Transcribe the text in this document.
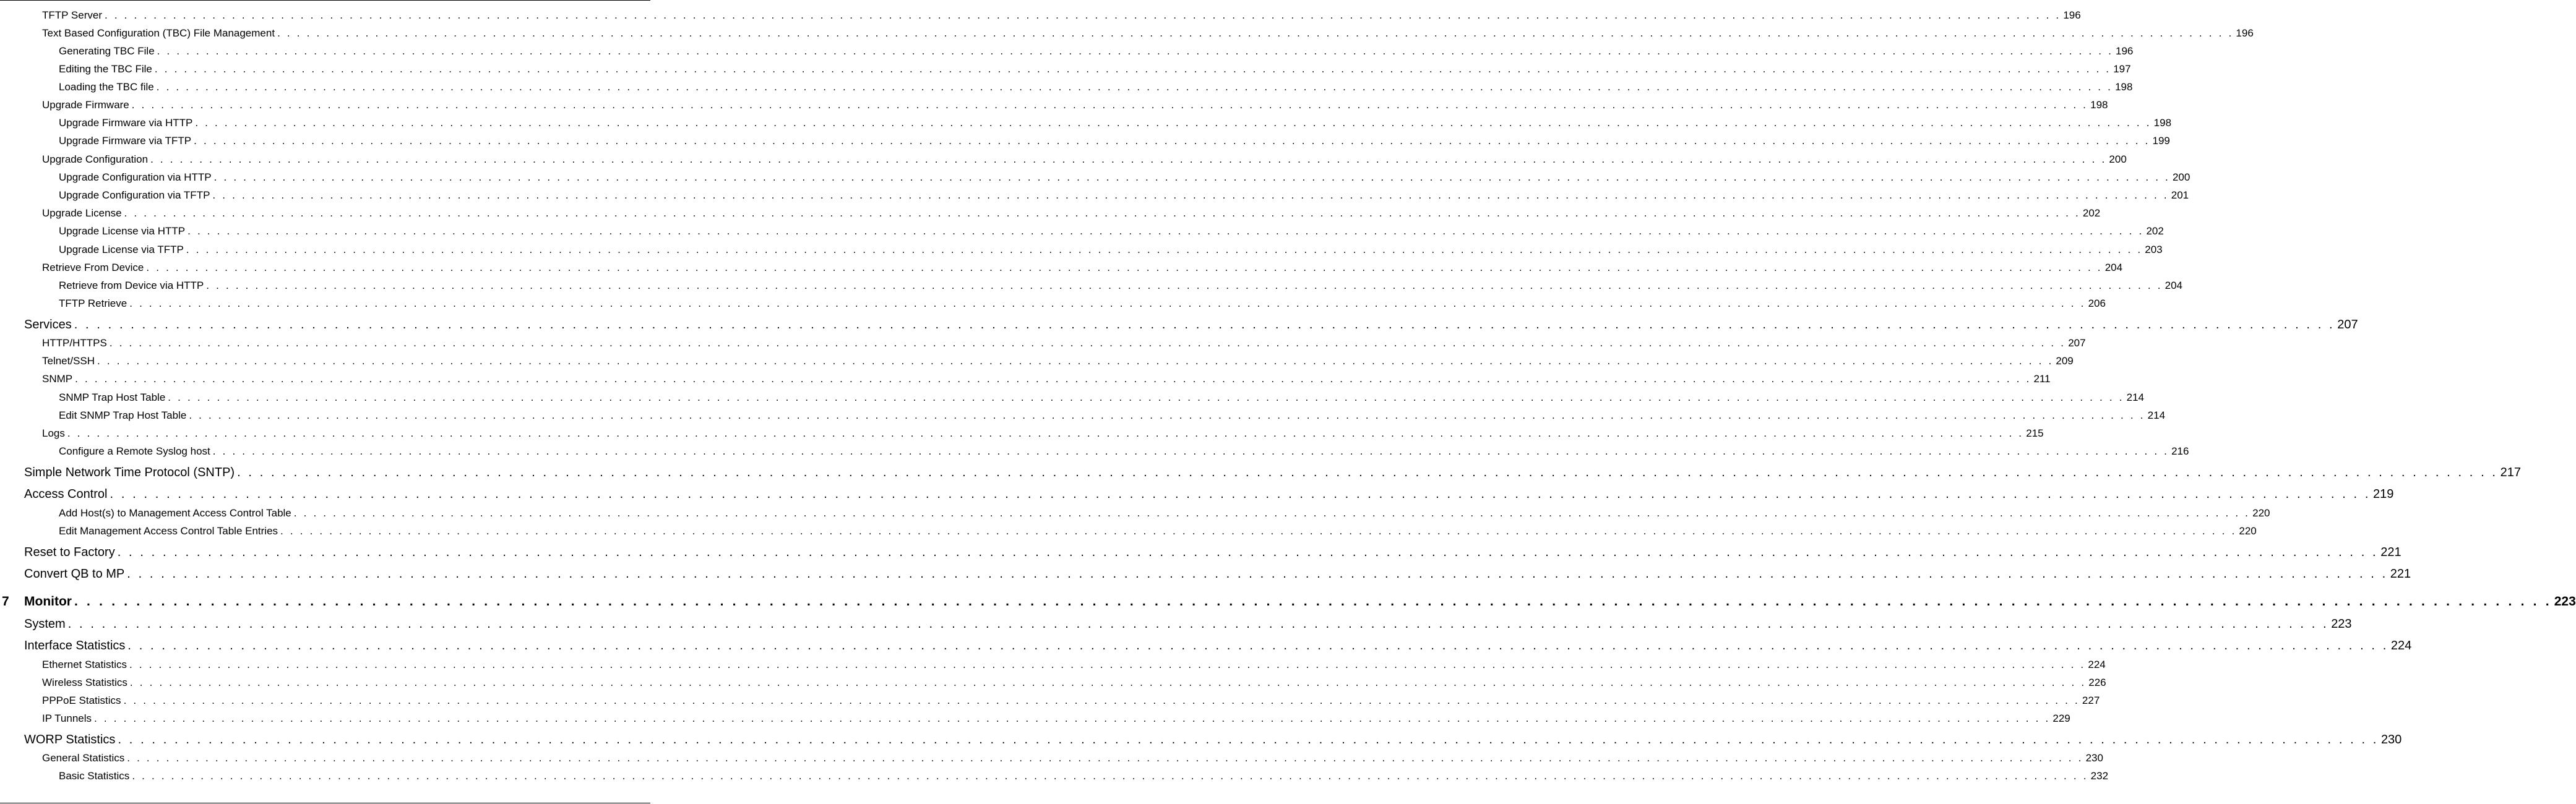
TFTP Server . . . . . . . . . . . . . . . . . . . . . . . . . . . . . . . . . . . . . . . . . . . . . . . . . . . . . . . . . . . . . . . . . . . . . . . . . . . . . . . . . . . . . . . . . . . . . . . . . . . . . . . . . . . . . . . . . . . . . . . . . . . . . . . . . . . . . . . . . . . . . . . . . . . . . . . . . . . . . . . . . . . . . . . . . . . . . . . . . . . . . . . . . . . . . . . . . . . . . . . . 196
Text Based Configuration (TBC) File Management . . . . . . . . . . . . . . . . . . . . . . . . . . . . . . . . . . . . . . . . . . . . . . . . . . . . . . . . . . . . . . . . . . . . . . . . . . . . . . . . . . . . . . . . . . . . . . . . . . . . . . . . . . . . . . . . . . . . . . . . . . . . . . . . . . . . . . . . . . . . . . . . . . . . . . . . . . . . . . . . . . . . . . . . . . . . . . . . . . . . . . . . . . . . . . . . . . . . . . . . 196
Generating TBC File . . . . . . . . . . . . . . . . . . . . . . . . . . . . . . . . . . . . . . . . . . . . . . . . . . . . . . . . . . . . . . . . . . . . . . . . . . . . . . . . . . . . . . . . . . . . . . . . . . . . . . . . . . . . . . . . . . . . . . . . . . . . . . . . . . . . . . . . . . . . . . . . . . . . . . . . . . . . . . . . . . . . . . . . . . . . . . . . . . . . . . . . . . . . . . . . . . . . . . . . 196
Editing the TBC File . . . . . . . . . . . . . . . . . . . . . . . . . . . . . . . . . . . . . . . . . . . . . . . . . . . . . . . . . . . . . . . . . . . . . . . . . . . . . . . . . . . . . . . . . . . . . . . . . . . . . . . . . . . . . . . . . . . . . . . . . . . . . . . . . . . . . . . . . . . . . . . . . . . . . . . . . . . . . . . . . . . . . . . . . . . . . . . . . . . . . . . . . . . . . . . . . . . . . . . . 197
Loading the TBC file . . . . . . . . . . . . . . . . . . . . . . . . . . . . . . . . . . . . . . . . . . . . . . . . . . . . . . . . . . . . . . . . . . . . . . . . . . . . . . . . . . . . . . . . . . . . . . . . . . . . . . . . . . . . . . . . . . . . . . . . . . . . . . . . . . . . . . . . . . . . . . . . . . . . . . . . . . . . . . . . . . . . . . . . . . . . . . . . . . . . . . . . . . . . . . . . . . . . . . . . 198
Upgrade Firmware . . . . . . . . . . . . . . . . . . . . . . . . . . . . . . . . . . . . . . . . . . . . . . . . . . . . . . . . . . . . . . . . . . . . . . . . . . . . . . . . . . . . . . . . . . . . . . . . . . . . . . . . . . . . . . . . . . . . . . . . . . . . . . . . . . . . . . . . . . . . . . . . . . . . . . . . . . . . . . . . . . . . . . . . . . . . . . . . . . . . . . . . . . . . . . . . . . . . . . . . 198
Upgrade Firmware via HTTP . . . . . . . . . . . . . . . . . . . . . . . . . . . . . . . . . . . . . . . . . . . . . . . . . . . . . . . . . . . . . . . . . . . . . . . . . . . . . . . . . . . . . . . . . . . . . . . . . . . . . . . . . . . . . . . . . . . . . . . . . . . . . . . . . . . . . . . . . . . . . . . . . . . . . . . . . . . . . . . . . . . . . . . . . . . . . . . . . . . . . . . . . . . . . . . . . . . . . . . . 198
Upgrade Firmware via TFTP . . . . . . . . . . . . . . . . . . . . . . . . . . . . . . . . . . . . . . . . . . . . . . . . . . . . . . . . . . . . . . . . . . . . . . . . . . . . . . . . . . . . . . . . . . . . . . . . . . . . . . . . . . . . . . . . . . . . . . . . . . . . . . . . . . . . . . . . . . . . . . . . . . . . . . . . . . . . . . . . . . . . . . . . . . . . . . . . . . . . . . . . . . . . . . . . . . . . . . . . 199
Upgrade Configuration . . . . . . . . . . . . . . . . . . . . . . . . . . . . . . . . . . . . . . . . . . . . . . . . . . . . . . . . . . . . . . . . . . . . . . . . . . . . . . . . . . . . . . . . . . . . . . . . . . . . . . . . . . . . . . . . . . . . . . . . . . . . . . . . . . . . . . . . . . . . . . . . . . . . . . . . . . . . . . . . . . . . . . . . . . . . . . . . . . . . . . . . . . . . . . . . . . . . . . . . 200
Upgrade Configuration via HTTP . . . . . . . . . . . . . . . . . . . . . . . . . . . . . . . . . . . . . . . . . . . . . . . . . . . . . . . . . . . . . . . . . . . . . . . . . . . . . . . . . . . . . . . . . . . . . . . . . . . . . . . . . . . . . . . . . . . . . . . . . . . . . . . . . . . . . . . . . . . . . . . . . . . . . . . . . . . . . . . . . . . . . . . . . . . . . . . . . . . . . . . . . . . . . . . . . . . . . . . . 200
Upgrade Configuration via TFTP . . . . . . . . . . . . . . . . . . . . . . . . . . . . . . . . . . . . . . . . . . . . . . . . . . . . . . . . . . . . . . . . . . . . . . . . . . . . . . . . . . . . . . . . . . . . . . . . . . . . . . . . . . . . . . . . . . . . . . . . . . . . . . . . . . . . . . . . . . . . . . . . . . . . . . . . . . . . . . . . . . . . . . . . . . . . . . . . . . . . . . . . . . . . . . . . . . . . . . . . 201
Upgrade License . . . . . . . . . . . . . . . . . . . . . . . . . . . . . . . . . . . . . . . . . . . . . . . . . . . . . . . . . . . . . . . . . . . . . . . . . . . . . . . . . . . . . . . . . . . . . . . . . . . . . . . . . . . . . . . . . . . . . . . . . . . . . . . . . . . . . . . . . . . . . . . . . . . . . . . . . . . . . . . . . . . . . . . . . . . . . . . . . . . . . . . . . . . . . . . . . . . . . . . . 202
Upgrade License via HTTP . . . . . . . . . . . . . . . . . . . . . . . . . . . . . . . . . . . . . . . . . . . . . . . . . . . . . . . . . . . . . . . . . . . . . . . . . . . . . . . . . . . . . . . . . . . . . . . . . . . . . . . . . . . . . . . . . . . . . . . . . . . . . . . . . . . . . . . . . . . . . . . . . . . . . . . . . . . . . . . . . . . . . . . . . . . . . . . . . . . . . . . . . . . . . . . . . . . . . . . . 202
Upgrade License via TFTP . . . . . . . . . . . . . . . . . . . . . . . . . . . . . . . . . . . . . . . . . . . . . . . . . . . . . . . . . . . . . . . . . . . . . . . . . . . . . . . . . . . . . . . . . . . . . . . . . . . . . . . . . . . . . . . . . . . . . . . . . . . . . . . . . . . . . . . . . . . . . . . . . . . . . . . . . . . . . . . . . . . . . . . . . . . . . . . . . . . . . . . . . . . . . . . . . . . . . . . . 203
Retrieve From Device . . . . . . . . . . . . . . . . . . . . . . . . . . . . . . . . . . . . . . . . . . . . . . . . . . . . . . . . . . . . . . . . . . . . . . . . . . . . . . . . . . . . . . . . . . . . . . . . . . . . . . . . . . . . . . . . . . . . . . . . . . . . . . . . . . . . . . . . . . . . . . . . . . . . . . . . . . . . . . . . . . . . . . . . . . . . . . . . . . . . . . . . . . . . . . . . . . . . . . . . 204
Retrieve from Device via HTTP . . . . . . . . . . . . . . . . . . . . . . . . . . . . . . . . . . . . . . . . . . . . . . . . . . . . . . . . . . . . . . . . . . . . . . . . . . . . . . . . . . . . . . . . . . . . . . . . . . . . . . . . . . . . . . . . . . . . . . . . . . . . . . . . . . . . . . . . . . . . . . . . . . . . . . . . . . . . . . . . . . . . . . . . . . . . . . . . . . . . . . . . . . . . . . . . . . . . . . . . 204
TFTP Retrieve . . . . . . . . . . . . . . . . . . . . . . . . . . . . . . . . . . . . . . . . . . . . . . . . . . . . . . . . . . . . . . . . . . . . . . . . . . . . . . . . . . . . . . . . . . . . . . . . . . . . . . . . . . . . . . . . . . . . . . . . . . . . . . . . . . . . . . . . . . . . . . . . . . . . . . . . . . . . . . . . . . . . . . . . . . . . . . . . . . . . . . . . . . . . . . . . . . . . . . . . 206
Services . . . . . . . . . . . . . . . . . . . . . . . . . . . . . . . . . . . . . . . . . . . . . . . . . . . . . . . . . . . . . . . . . . . . . . . . . . . . . . . . . . . . . . . . . . . . . . . . . . . . . . . . . . . . . . . . . . . . . . . . . . . . . . . . . . . . . . . . . . . . . . . . . . . . . . . . . . . . . . . . . . . . . . . . . . . . . . . . . . . . . . . . . . . . . . . . . . . . . . . . 207
HTTP/HTTPS . . . . . . . . . . . . . . . . . . . . . . . . . . . . . . . . . . . . . . . . . . . . . . . . . . . . . . . . . . . . . . . . . . . . . . . . . . . . . . . . . . . . . . . . . . . . . . . . . . . . . . . . . . . . . . . . . . . . . . . . . . . . . . . . . . . . . . . . . . . . . . . . . . . . . . . . . . . . . . . . . . . . . . . . . . . . . . . . . . . . . . . . . . . . . . . . . . . . . . . . 207
Telnet/SSH . . . . . . . . . . . . . . . . . . . . . . . . . . . . . . . . . . . . . . . . . . . . . . . . . . . . . . . . . . . . . . . . . . . . . . . . . . . . . . . . . . . . . . . . . . . . . . . . . . . . . . . . . . . . . . . . . . . . . . . . . . . . . . . . . . . . . . . . . . . . . . . . . . . . . . . . . . . . . . . . . . . . . . . . . . . . . . . . . . . . . . . . . . . . . . . . . . . . . . . . 209
SNMP . . . . . . . . . . . . . . . . . . . . . . . . . . . . . . . . . . . . . . . . . . . . . . . . . . . . . . . . . . . . . . . . . . . . . . . . . . . . . . . . . . . . . . . . . . . . . . . . . . . . . . . . . . . . . . . . . . . . . . . . . . . . . . . . . . . . . . . . . . . . . . . . . . . . . . . . . . . . . . . . . . . . . . . . . . . . . . . . . . . . . . . . . . . . . . . . . . . . . . . . 211
SNMP Trap Host Table . . . . . . . . . . . . . . . . . . . . . . . . . . . . . . . . . . . . . . . . . . . . . . . . . . . . . . . . . . . . . . . . . . . . . . . . . . . . . . . . . . . . . . . . . . . . . . . . . . . . . . . . . . . . . . . . . . . . . . . . . . . . . . . . . . . . . . . . . . . . . . . . . . . . . . . . . . . . . . . . . . . . . . . . . . . . . . . . . . . . . . . . . . . . . . . . . . . . . . . . 214
Edit SNMP Trap Host Table . . . . . . . . . . . . . . . . . . . . . . . . . . . . . . . . . . . . . . . . . . . . . . . . . . . . . . . . . . . . . . . . . . . . . . . . . . . . . . . . . . . . . . . . . . . . . . . . . . . . . . . . . . . . . . . . . . . . . . . . . . . . . . . . . . . . . . . . . . . . . . . . . . . . . . . . . . . . . . . . . . . . . . . . . . . . . . . . . . . . . . . . . . . . . . . . . . . . . . . . 214
Logs . . . . . . . . . . . . . . . . . . . . . . . . . . . . . . . . . . . . . . . . . . . . . . . . . . . . . . . . . . . . . . . . . . . . . . . . . . . . . . . . . . . . . . . . . . . . . . . . . . . . . . . . . . . . . . . . . . . . . . . . . . . . . . . . . . . . . . . . . . . . . . . . . . . . . . . . . . . . . . . . . . . . . . . . . . . . . . . . . . . . . . . . . . . . . . . . . . . . . . . . 215
Configure a Remote Syslog host . . . . . . . . . . . . . . . . . . . . . . . . . . . . . . . . . . . . . . . . . . . . . . . . . . . . . . . . . . . . . . . . . . . . . . . . . . . . . . . . . . . . . . . . . . . . . . . . . . . . . . . . . . . . . . . . . . . . . . . . . . . . . . . . . . . . . . . . . . . . . . . . . . . . . . . . . . . . . . . . . . . . . . . . . . . . . . . . . . . . . . . . . . . . . . . . . . . . . . . . 216
Simple Network Time Protocol (SNTP) . . . . . . . . . . . . . . . . . . . . . . . . . . . . . . . . . . . . . . . . . . . . . . . . . . . . . . . . . . . . . . . . . . . . . . . . . . . . . . . . . . . . . . . . . . . . . . . . . . . . . . . . . . . . . . . . . . . . . . . . . . . . . . . . . . . . . . . . . . . . . . . . . . . . . . . . . . . . . . . . . . . . . . . . . . . . . . . . . . . . . . . . . . . . . . . . . . . . . . . . 217
Access Control . . . . . . . . . . . . . . . . . . . . . . . . . . . . . . . . . . . . . . . . . . . . . . . . . . . . . . . . . . . . . . . . . . . . . . . . . . . . . . . . . . . . . . . . . . . . . . . . . . . . . . . . . . . . . . . . . . . . . . . . . . . . . . . . . . . . . . . . . . . . . . . . . . . . . . . . . . . . . . . . . . . . . . . . . . . . . . . . . . . . . . . . . . . . . . . . . . . . . . . . 219
Add Host(s) to Management Access Control Table . . . . . . . . . . . . . . . . . . . . . . . . . . . . . . . . . . . . . . . . . . . . . . . . . . . . . . . . . . . . . . . . . . . . . . . . . . . . . . . . . . . . . . . . . . . . . . . . . . . . . . . . . . . . . . . . . . . . . . . . . . . . . . . . . . . . . . . . . . . . . . . . . . . . . . . . . . . . . . . . . . . . . . . . . . . . . . . . . . . . . . . . . . . . . . . . . . . . . . . . 220
Edit Management Access Control Table Entries . . . . . . . . . . . . . . . . . . . . . . . . . . . . . . . . . . . . . . . . . . . . . . . . . . . . . . . . . . . . . . . . . . . . . . . . . . . . . . . . . . . . . . . . . . . . . . . . . . . . . . . . . . . . . . . . . . . . . . . . . . . . . . . . . . . . . . . . . . . . . . . . . . . . . . . . . . . . . . . . . . . . . . . . . . . . . . . . . . . . . . . . . . . . . . . . . . . . . . . . 220
Reset to Factory . . . . . . . . . . . . . . . . . . . . . . . . . . . . . . . . . . . . . . . . . . . . . . . . . . . . . . . . . . . . . . . . . . . . . . . . . . . . . . . . . . . . . . . . . . . . . . . . . . . . . . . . . . . . . . . . . . . . . . . . . . . . . . . . . . . . . . . . . . . . . . . . . . . . . . . . . . . . . . . . . . . . . . . . . . . . . . . . . . . . . . . . . . . . . . . . . . . . . . . . 221
Convert QB to MP . . . . . . . . . . . . . . . . . . . . . . . . . . . . . . . . . . . . . . . . . . . . . . . . . . . . . . . . . . . . . . . . . . . . . . . . . . . . . . . . . . . . . . . . . . . . . . . . . . . . . . . . . . . . . . . . . . . . . . . . . . . . . . . . . . . . . . . . . . . . . . . . . . . . . . . . . . . . . . . . . . . . . . . . . . . . . . . . . . . . . . . . . . . . . . . . . . . . . . . . 221
7 Monitor . . . . . . . . . . . . . . . . . . . . . . . . . . . . . . . . . . . . . . . . . . . . . . . . . . . . . . . . . . . . . . . . . . . . . . . . . . . . . . . . . . . . . . . . . . . . . . . . . . . . . . . . . . . . . . . . . . . . . . . . . . . . . . . . . . . . . . . . . . . . . . . . . . . . . . . . . . . . . . . . . . . . . . . . . . . . . . . . . . . . . . . . . . . . . . . . . . . . . . . . 223
System . . . . . . . . . . . . . . . . . . . . . . . . . . . . . . . . . . . . . . . . . . . . . . . . . . . . . . . . . . . . . . . . . . . . . . . . . . . . . . . . . . . . . . . . . . . . . . . . . . . . . . . . . . . . . . . . . . . . . . . . . . . . . . . . . . . . . . . . . . . . . . . . . . . . . . . . . . . . . . . . . . . . . . . . . . . . . . . . . . . . . . . . . . . . . . . . . . . . . . . . 223
Interface Statistics . . . . . . . . . . . . . . . . . . . . . . . . . . . . . . . . . . . . . . . . . . . . . . . . . . . . . . . . . . . . . . . . . . . . . . . . . . . . . . . . . . . . . . . . . . . . . . . . . . . . . . . . . . . . . . . . . . . . . . . . . . . . . . . . . . . . . . . . . . . . . . . . . . . . . . . . . . . . . . . . . . . . . . . . . . . . . . . . . . . . . . . . . . . . . . . . . . . . . . . . 224
Ethernet Statistics . . . . . . . . . . . . . . . . . . . . . . . . . . . . . . . . . . . . . . . . . . . . . . . . . . . . . . . . . . . . . . . . . . . . . . . . . . . . . . . . . . . . . . . . . . . . . . . . . . . . . . . . . . . . . . . . . . . . . . . . . . . . . . . . . . . . . . . . . . . . . . . . . . . . . . . . . . . . . . . . . . . . . . . . . . . . . . . . . . . . . . . . . . . . . . . . . . . . . . . . 224
Wireless Statistics . . . . . . . . . . . . . . . . . . . . . . . . . . . . . . . . . . . . . . . . . . . . . . . . . . . . . . . . . . . . . . . . . . . . . . . . . . . . . . . . . . . . . . . . . . . . . . . . . . . . . . . . . . . . . . . . . . . . . . . . . . . . . . . . . . . . . . . . . . . . . . . . . . . . . . . . . . . . . . . . . . . . . . . . . . . . . . . . . . . . . . . . . . . . . . . . . . . . . . . . 226
PPPoE Statistics . . . . . . . . . . . . . . . . . . . . . . . . . . . . . . . . . . . . . . . . . . . . . . . . . . . . . . . . . . . . . . . . . . . . . . . . . . . . . . . . . . . . . . . . . . . . . . . . . . . . . . . . . . . . . . . . . . . . . . . . . . . . . . . . . . . . . . . . . . . . . . . . . . . . . . . . . . . . . . . . . . . . . . . . . . . . . . . . . . . . . . . . . . . . . . . . . . . . . . . . 227
IP Tunnels . . . . . . . . . . . . . . . . . . . . . . . . . . . . . . . . . . . . . . . . . . . . . . . . . . . . . . . . . . . . . . . . . . . . . . . . . . . . . . . . . . . . . . . . . . . . . . . . . . . . . . . . . . . . . . . . . . . . . . . . . . . . . . . . . . . . . . . . . . . . . . . . . . . . . . . . . . . . . . . . . . . . . . . . . . . . . . . . . . . . . . . . . . . . . . . . . . . . . . . . 229
WORP Statistics . . . . . . . . . . . . . . . . . . . . . . . . . . . . . . . . . . . . . . . . . . . . . . . . . . . . . . . . . . . . . . . . . . . . . . . . . . . . . . . . . . . . . . . . . . . . . . . . . . . . . . . . . . . . . . . . . . . . . . . . . . . . . . . . . . . . . . . . . . . . . . . . . . . . . . . . . . . . . . . . . . . . . . . . . . . . . . . . . . . . . . . . . . . . . . . . . . . . . . . . 230
General Statistics . . . . . . . . . . . . . . . . . . . . . . . . . . . . . . . . . . . . . . . . . . . . . . . . . . . . . . . . . . . . . . . . . . . . . . . . . . . . . . . . . . . . . . . . . . . . . . . . . . . . . . . . . . . . . . . . . . . . . . . . . . . . . . . . . . . . . . . . . . . . . . . . . . . . . . . . . . . . . . . . . . . . . . . . . . . . . . . . . . . . . . . . . . . . . . . . . . . . . . . . 230
Basic Statistics . . . . . . . . . . . . . . . . . . . . . . . . . . . . . . . . . . . . . . . . . . . . . . . . . . . . . . . . . . . . . . . . . . . . . . . . . . . . . . . . . . . . . . . . . . . . . . . . . . . . . . . . . . . . . . . . . . . . . . . . . . . . . . . . . . . . . . . . . . . . . . . . . . . . . . . . . . . . . . . . . . . . . . . . . . . . . . . . . . . . . . . . . . . . . . . . . . . . . . . . 232
